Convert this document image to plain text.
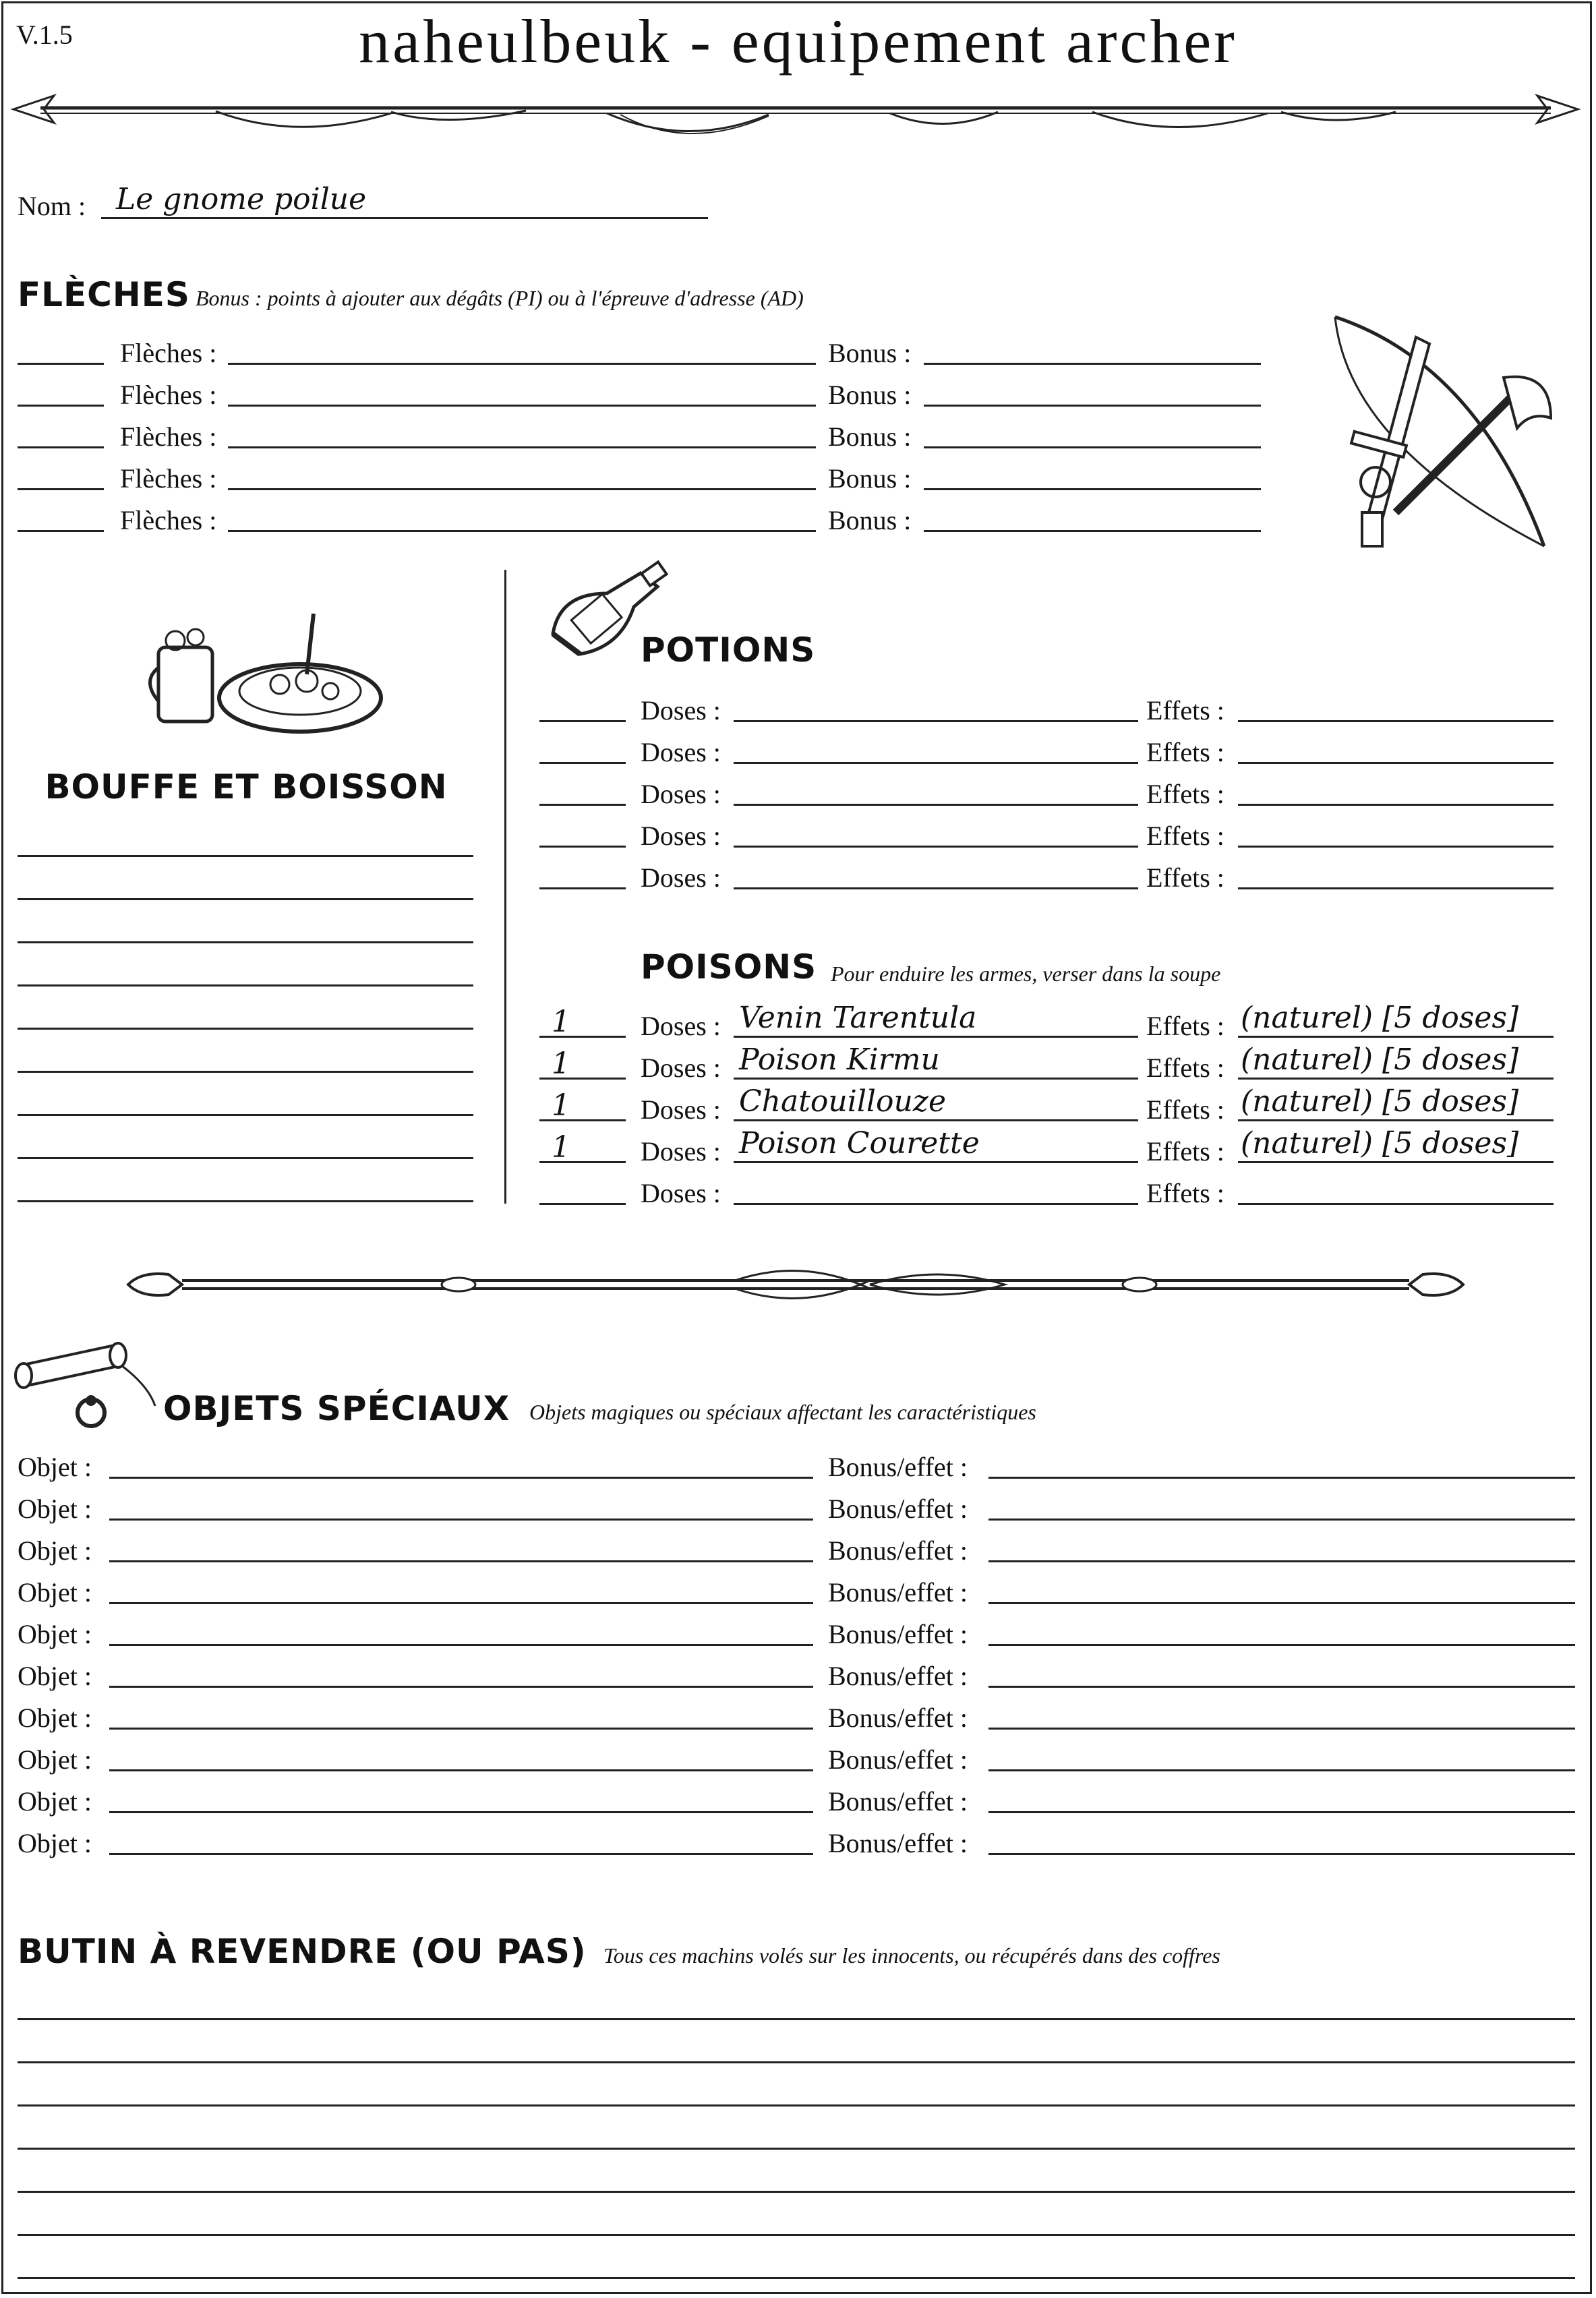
V.1.5	naheulbeuk - equipement archer
Nom : Le gnome poilue
FLÈCHES Bonus : points à ajouter aux dégâts (PI) ou à l'épreuve d'adresse (AD)
Flèches :	Bonus :
Flèches :	Bonus :
Flèches :	Bonus :
Flèches :	Bonus :
Flèches :	Bonus :
BOUFFE ET BOISSON
POTIONS
Doses :	Effets :
Doses :	Effets :
Doses :	Effets :
Doses :	Effets :
Doses :	Effets :
POISONS Pour enduire les armes, verser dans la soupe
1	Doses : Venin Tarentula	Effets : (naturel) [5 doses]
1	Doses : Poison Kirmu	Effets : (naturel) [5 doses]
1	Doses : Chatouillouze	Effets : (naturel) [5 doses]
1	Doses : Poison Courette	Effets : (naturel) [5 doses]
Doses :	Effets :
OBJETS SPÉCIAUX Objets magiques ou spéciaux affectant les caractéristiques
Objet :	Bonus/effet :
Objet :	Bonus/effet :
Objet :	Bonus/effet :
Objet :	Bonus/effet :
Objet :	Bonus/effet :
Objet :	Bonus/effet :
Objet :	Bonus/effet :
Objet :	Bonus/effet :
Objet :	Bonus/effet :
Objet :	Bonus/effet :
BUTIN À REVENDRE (OU PAS) Tous ces machins volés sur les innocents, ou récupérés dans des coffres
